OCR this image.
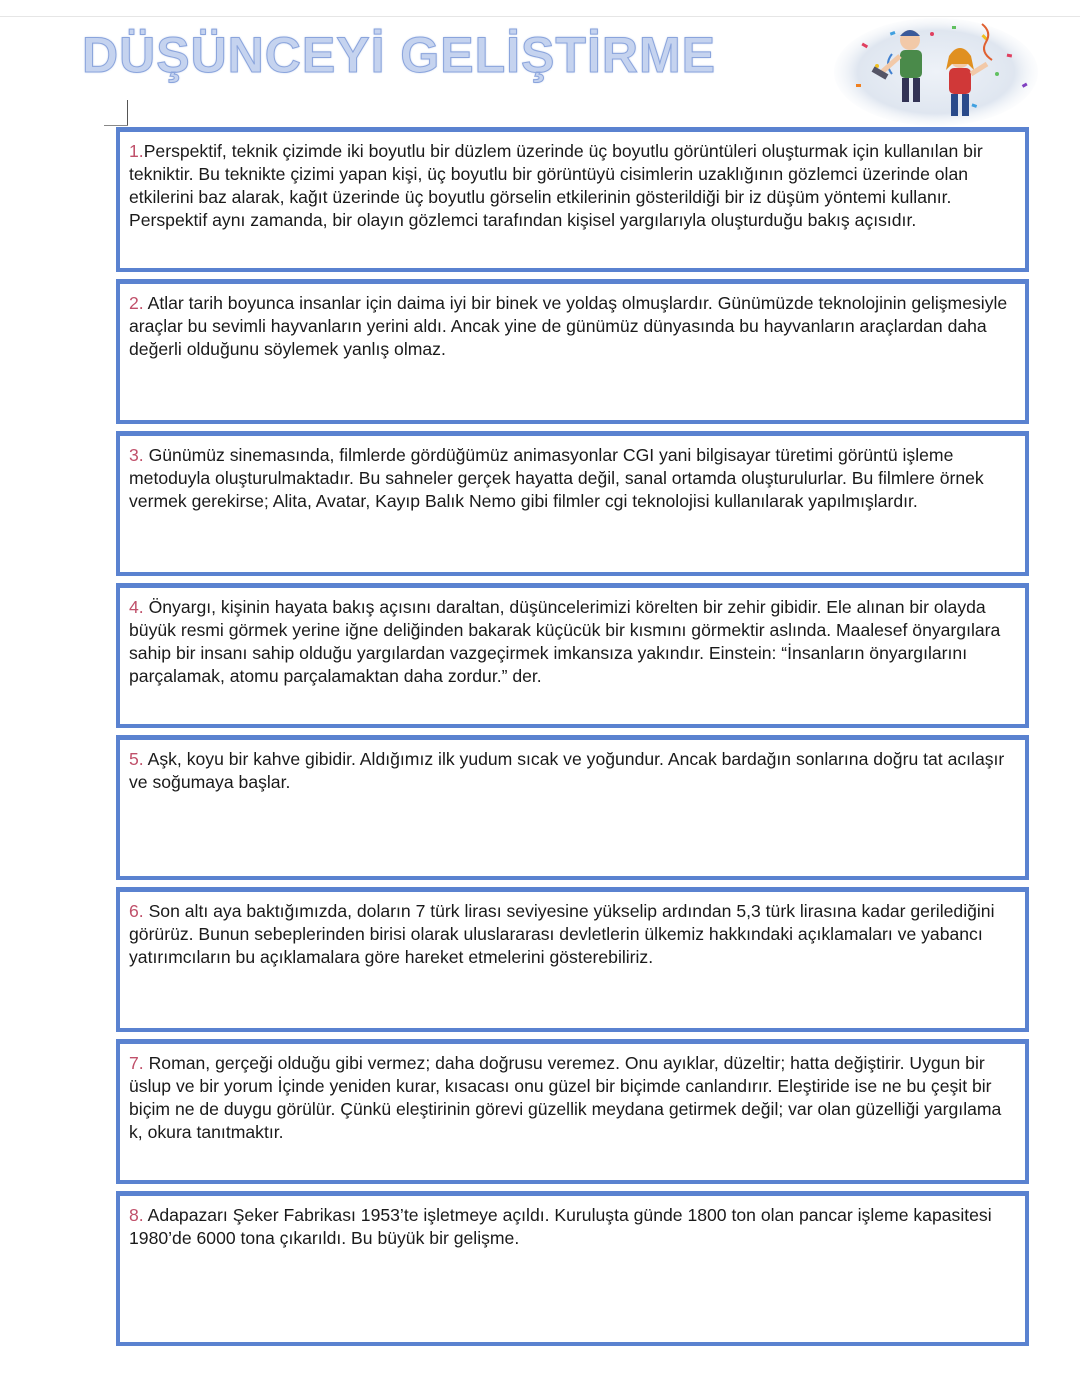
DÜŞÜNCEYİ GELİŞTİRME

1.Perspektif, teknik çizimde iki boyutlu bir düzlem üzerinde üç boyutlu görüntüleri oluşturmak için kullanılan bir tekniktir. Bu teknikte çizimi yapan kişi, üç boyutlu bir görüntüyü cisimlerin uzaklığının gözlemci üzerinde olan etkilerini baz alarak, kağıt üzerinde üç boyutlu görselin etkilerinin gösterildiği bir iz düşüm yöntemi kullanır. Perspektif aynı zamanda, bir olayın gözlemci tarafından kişisel yargılarıyla oluşturduğu bakış açısıdır.

2. Atlar tarih boyunca insanlar için daima iyi bir binek ve yoldaş olmuşlardır. Günümüzde teknolojinin gelişmesiyle araçlar bu sevimli hayvanların yerini aldı. Ancak yine de günümüz dünyasında bu hayvanların araçlardan daha değerli olduğunu söylemek yanlış olmaz.

3. Günümüz sinemasında, filmlerde gördüğümüz animasyonlar CGI yani bilgisayar türetimi görüntü işleme metoduyla oluşturulmaktadır. Bu sahneler gerçek hayatta değil, sanal ortamda oluşturulurlar. Bu filmlere örnek vermek gerekirse; Alita, Avatar, Kayıp Balık Nemo gibi filmler cgi teknolojisi kullanılarak yapılmışlardır.

4. Önyargı, kişinin hayata bakış açısını daraltan, düşüncelerimizi körelten bir zehir gibidir. Ele alınan bir olayda büyük resmi görmek yerine iğne deliğinden bakarak küçücük bir kısmını görmektir aslında. Maalesef önyargılara sahip bir insanı sahip olduğu yargılardan vazgeçirmek imkansıza yakındır. Einstein: “İnsanların önyargılarını parçalamak, atomu parçalamaktan daha zordur.” der.

5. Aşk, koyu bir kahve gibidir. Aldığımız ilk yudum sıcak ve yoğundur. Ancak bardağın sonlarına doğru tat acılaşır ve soğumaya başlar.

6. Son altı aya baktığımızda, doların 7 türk lirası seviyesine yükselip ardından 5,3 türk lirasına kadar gerilediğini görürüz. Bunun sebeplerinden birisi olarak uluslararası devletlerin ülkemiz hakkındaki açıklamaları ve yabancı yatırımcıların bu açıklamalara göre hareket etmelerini gösterebiliriz.

7. Roman, gerçeği olduğu gibi vermez; daha doğrusu veremez. Onu ayıklar, düzeltir; hatta değiştirir. Uygun bir üslup ve bir yorum İçinde yeniden kurar, kısacası onu güzel bir biçimde canlandırır. Eleştiride ise ne bu çeşit bir biçim ne de duygu görülür. Çünkü eleştirinin görevi güzellik meydana getirmek değil; var olan güzelliği yargılama k, okura tanıtmaktır.

8. Adapazarı Şeker Fabrikası 1953’te işletmeye açıldı. Kuruluşta günde 1800 ton olan pancar işleme kapasitesi 1980’de 6000 tona çıkarıldı. Bu büyük bir gelişme.
